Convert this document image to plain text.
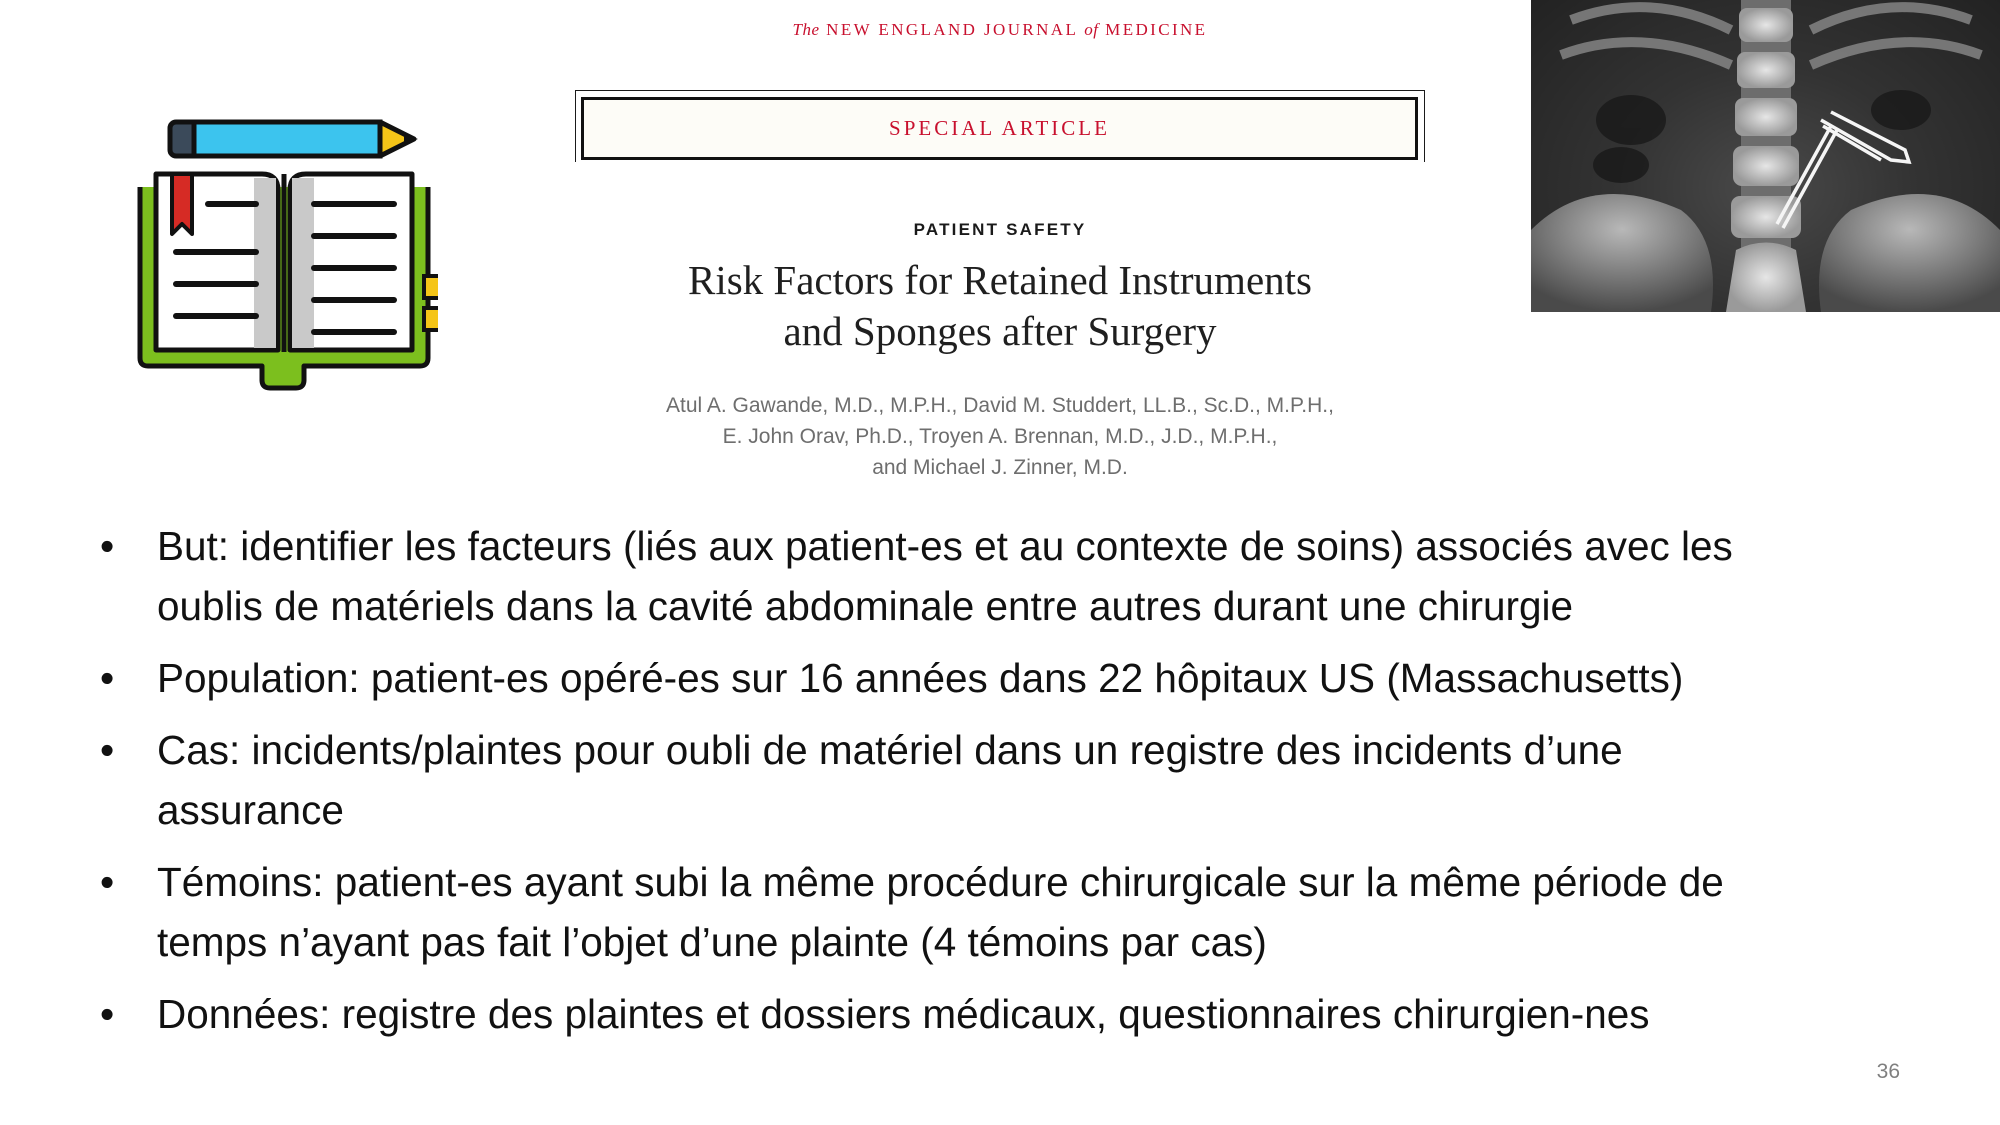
The NEW ENGLAND JOURNAL of MEDICINE
SPECIAL ARTICLE
PATIENT SAFETY
Risk Factors for Retained Instruments
and Sponges after Surgery
Atul A. Gawande, M.D., M.P.H., David M. Studdert, LL.B., Sc.D., M.P.H.,
E. John Orav, Ph.D., Troyen A. Brennan, M.D., J.D., M.P.H.,
and Michael J. Zinner, M.D.
•	But: identifier les facteurs (liés aux patient-es et au contexte de soins) associés avec les
oublis de matériels dans la cavité abdominale entre autres durant une chirurgie
•	Population: patient-es opéré-es sur 16 années dans 22 hôpitaux US (Massachusetts)
•	Cas: incidents/plaintes pour oubli de matériel dans un registre des incidents d’une
assurance
•	Témoins: patient-es ayant subi la même procédure chirurgicale sur la même période de
temps n’ayant pas fait l’objet d’une plainte (4 témoins par cas)
•	Données: registre des plaintes et dossiers médicaux, questionnaires chirurgien-nes
36
